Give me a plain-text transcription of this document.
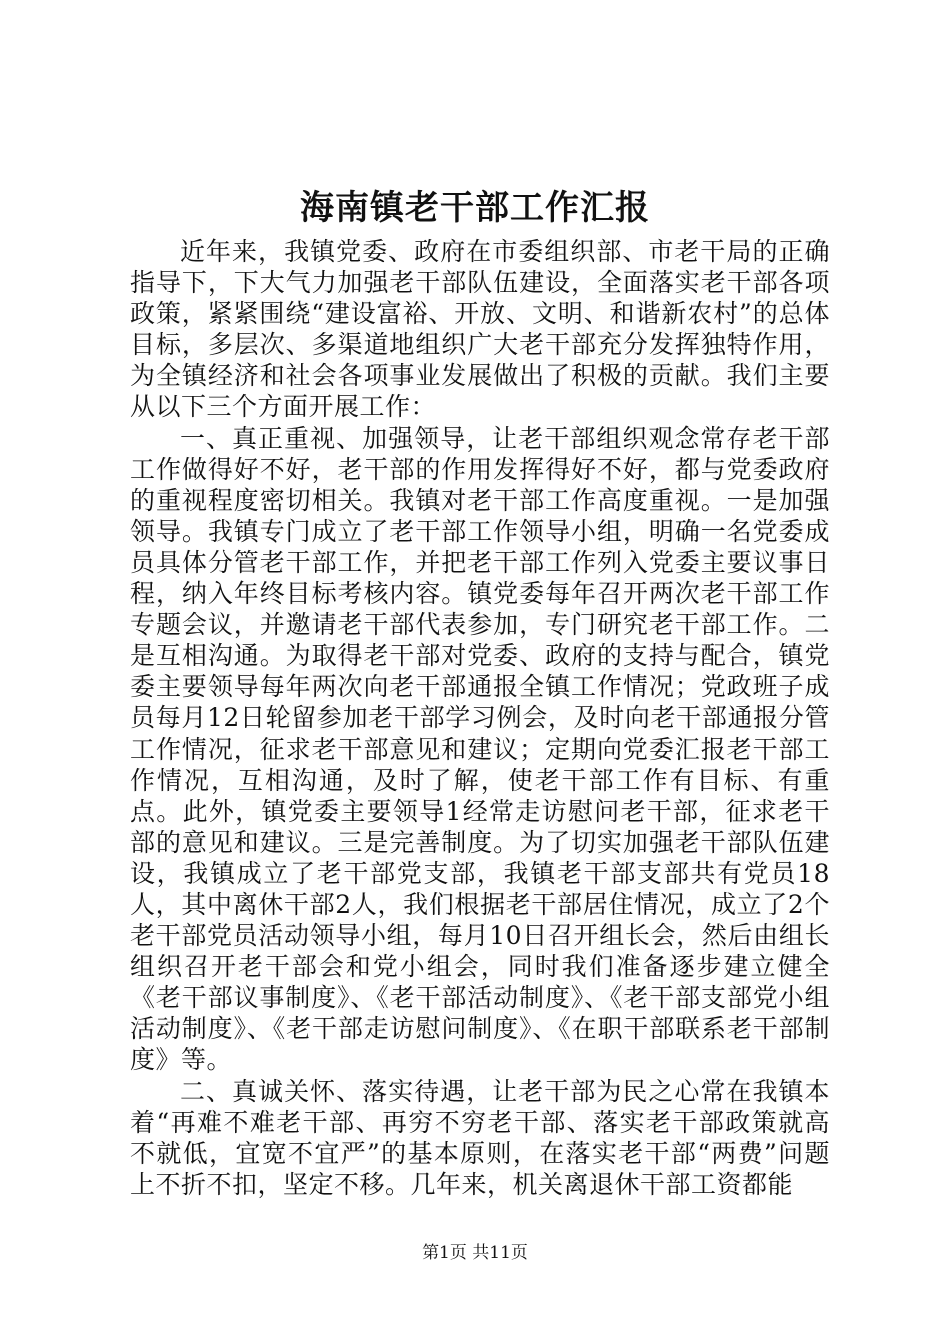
海南镇老干部工作汇报

近年来，我镇党委、政府在市委组织部、市老干局的正确指导下，下大气力加强老干部队伍建设，全面落实老干部各项政策，紧紧围绕“建设富裕、开放、文明、和谐新农村”的总体目标，多层次、多渠道地组织广大老干部充分发挥独特作用，为全镇经济和社会各项事业发展做出了积极的贡献。我们主要从以下三个方面开展工作：

一、真正重视、加强领导，让老干部组织观念常存老干部工作做得好不好，老干部的作用发挥得好不好，都与党委政府的重视程度密切相关。我镇对老干部工作高度重视。一是加强领导。我镇专门成立了老干部工作领导小组，明确一名党委成员具体分管老干部工作，并把老干部工作列入党委主要议事日程，纳入年终目标考核内容。镇党委每年召开两次老干部工作专题会议，并邀请老干部代表参加，专门研究老干部工作。二是互相沟通。为取得老干部对党委、政府的支持与配合，镇党委主要领导每年两次向老干部通报全镇工作情况；党政班子成员每月12日轮留参加老干部学习例会，及时向老干部通报分管工作情况，征求老干部意见和建议；定期向党委汇报老干部工作情况，互相沟通，及时了解，使老干部工作有目标、有重点。此外，镇党委主要领导1经常走访慰问老干部，征求老干部的意见和建议。三是完善制度。为了切实加强老干部队伍建设，我镇成立了老干部党支部，我镇老干部支部共有党员18人，其中离休干部2人，我们根据老干部居住情况，成立了2个老干部党员活动领导小组，每月10日召开组长会，然后由组长组织召开老干部会和党小组会，同时我们准备逐步建立健全《老干部议事制度》、《老干部活动制度》、《老干部支部党小组活动制度》、《老干部走访慰问制度》、《在职干部联系老干部制度》等。

二、真诚关怀、落实待遇，让老干部为民之心常在我镇本着“再难不难老干部、再穷不穷老干部、落实老干部政策就高不就低，宜宽不宜严”的基本原则，在落实老干部“两费”问题上不折不扣，坚定不移。几年来，机关离退休干部工资都能

第1页 共11页
